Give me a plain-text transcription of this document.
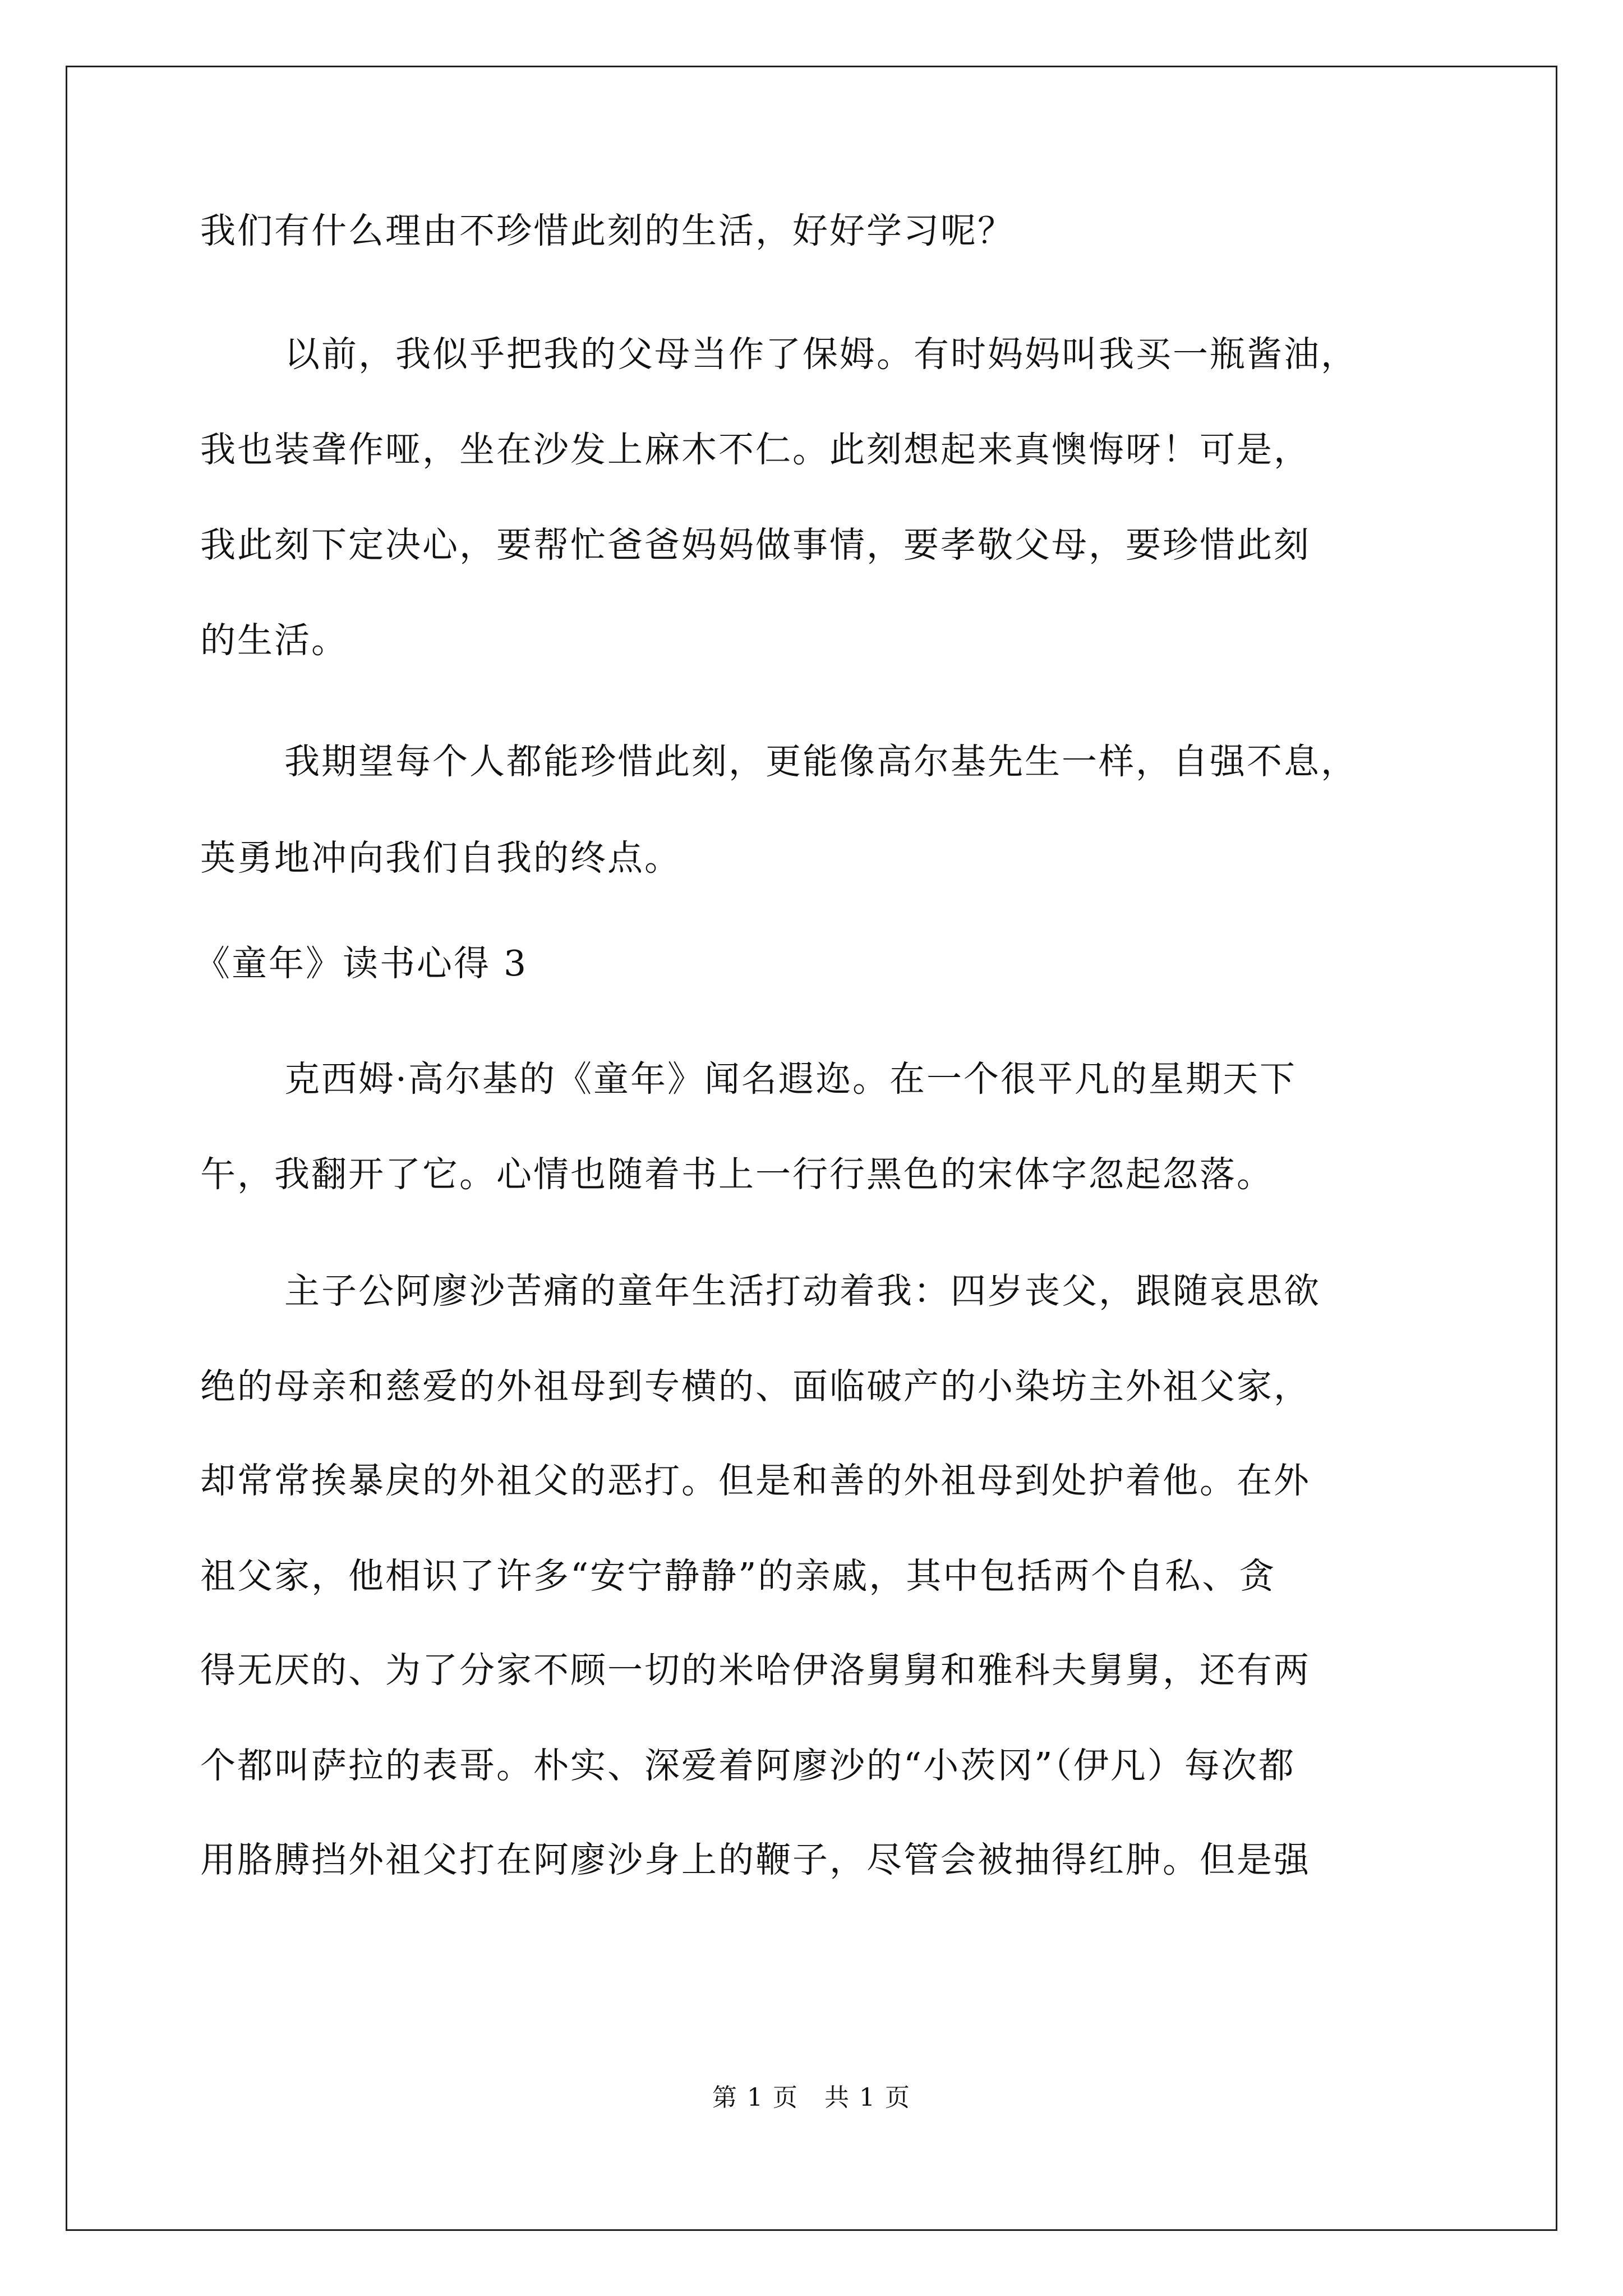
我们有什么理由不珍惜此刻的生活，好好学习呢？
以前，我似乎把我的父母当作了保姆。有时妈妈叫我买一瓶酱油，
我也装聋作哑，坐在沙发上麻木不仁。此刻想起来真懊悔呀！可是，
我此刻下定决心，要帮忙爸爸妈妈做事情，要孝敬父母，要珍惜此刻
的生活。
我期望每个人都能珍惜此刻，更能像高尔基先生一样，自强不息，
英勇地冲向我们自我的终点。
《童年》读书心得 3
克西姆·高尔基的《童年》闻名遐迩。在一个很平凡的星期天下
午，我翻开了它。心情也随着书上一行行黑色的宋体字忽起忽落。
主子公阿廖沙苦痛的童年生活打动着我：四岁丧父，跟随哀思欲
绝的母亲和慈爱的外祖母到专横的、面临破产的小染坊主外祖父家，
却常常挨暴戾的外祖父的恶打。但是和善的外祖母到处护着他。在外
祖父家，他相识了许多“安宁静静”的亲戚，其中包括两个自私、贪
得无厌的、为了分家不顾一切的米哈伊洛舅舅和雅科夫舅舅，还有两
个都叫萨拉的表哥。朴实、深爱着阿廖沙的“小茨冈”（伊凡）每次都
用胳膊挡外祖父打在阿廖沙身上的鞭子，尽管会被抽得红肿。但是强
第 1 页　共 1 页
